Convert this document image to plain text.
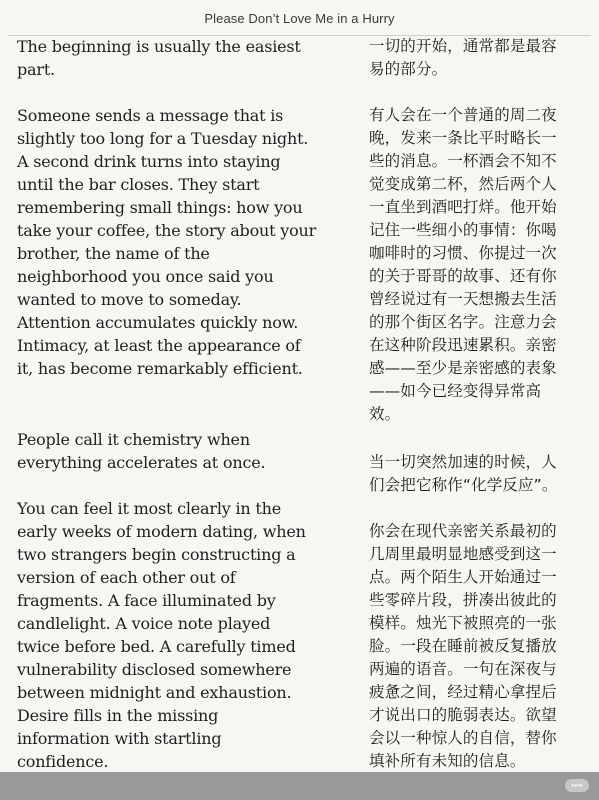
Please Don’t Love Me in a Hurry

The beginning is usually the easiest
part.

Someone sends a message that is
slightly too long for a Tuesday night.
A second drink turns into staying
until the bar closes. They start
remembering small things: how you
take your coffee, the story about your
brother, the name of the
neighborhood you once said you
wanted to move to someday.
Attention accumulates quickly now.
Intimacy, at least the appearance of
it, has become remarkably efficient.

People call it chemistry when
everything accelerates at once.

You can feel it most clearly in the
early weeks of modern dating, when
two strangers begin constructing a
version of each other out of
fragments. A face illuminated by
candlelight. A voice note played
twice before bed. A carefully timed
vulnerability disclosed somewhere
between midnight and exhaustion.
Desire fills in the missing
information with startling
confidence.

一切的开始，通常都是最容
易的部分。

有人会在一个普通的周二夜
晚，发来一条比平时略长一
些的消息。一杯酒会不知不
觉变成第二杯，然后两个人
一直坐到酒吧打烊。他开始
记住一些细小的事情：你喝
咖啡时的习惯、你提过一次
的关于哥哥的故事、还有你
曾经说过有一天想搬去生活
的那个街区名字。注意力会
在这种阶段迅速累积。亲密
感——至少是亲密感的表象
——如今已经变得异常高
效。

当一切突然加速的时候，人
们会把它称作“化学反应”。

你会在现代亲密关系最初的
几周里最明显地感受到这一
点。两个陌生人开始通过一
些零碎片段，拼凑出彼此的
模样。烛光下被照亮的一张
脸。一段在睡前被反复播放
两遍的语音。一句在深夜与
疲惫之间，经过精心拿捏后
才说出口的脆弱表达。欲望
会以一种惊人的自信，替你
填补所有未知的信息。

••••
